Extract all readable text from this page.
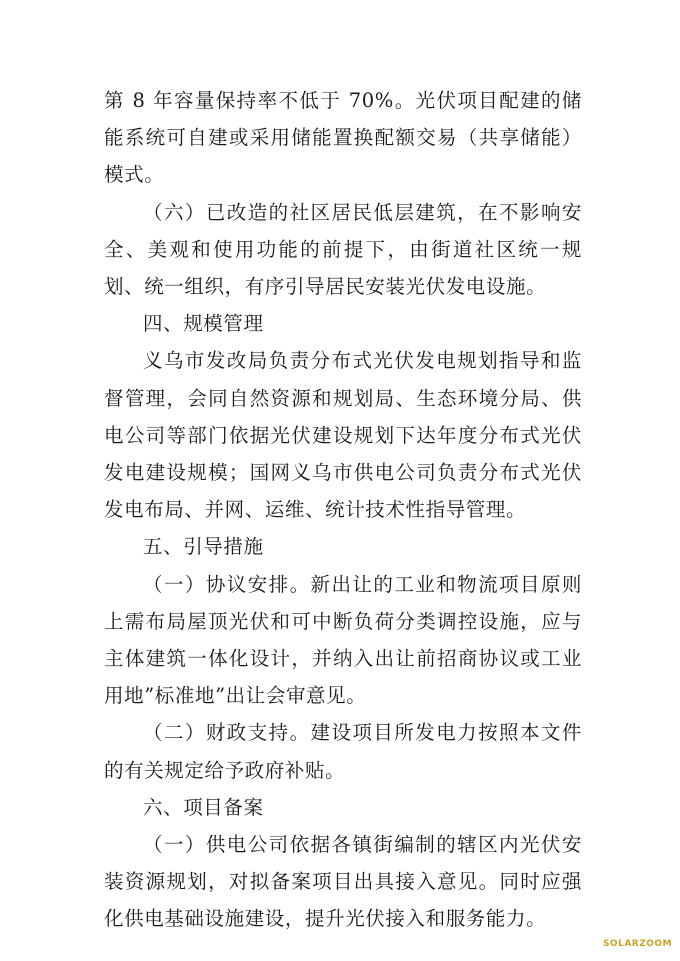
第 8 年容量保持率不低于 70%。光伏项目配建的储能系统可自建或采用储能置换配额交易（共享储能）模式。

（六）已改造的社区居民低层建筑，在不影响安全、美观和使用功能的前提下，由街道社区统一规划、统一组织，有序引导居民安装光伏发电设施。

四、规模管理

义乌市发改局负责分布式光伏发电规划指导和监督管理，会同自然资源和规划局、生态环境分局、供电公司等部门依据光伏建设规划下达年度分布式光伏发电建设规模；国网义乌市供电公司负责分布式光伏发电布局、并网、运维、统计技术性指导管理。

五、引导措施

（一）协议安排。新出让的工业和物流项目原则上需布局屋顶光伏和可中断负荷分类调控设施，应与主体建筑一体化设计，并纳入出让前招商协议或工业用地”标准地”出让会审意见。

（二）财政支持。建设项目所发电力按照本文件的有关规定给予政府补贴。

六、项目备案

（一）供电公司依据各镇街编制的辖区内光伏安装资源规划，对拟备案项目出具接入意见。同时应强化供电基础设施建设，提升光伏接入和服务能力。

SOLARZOOM
